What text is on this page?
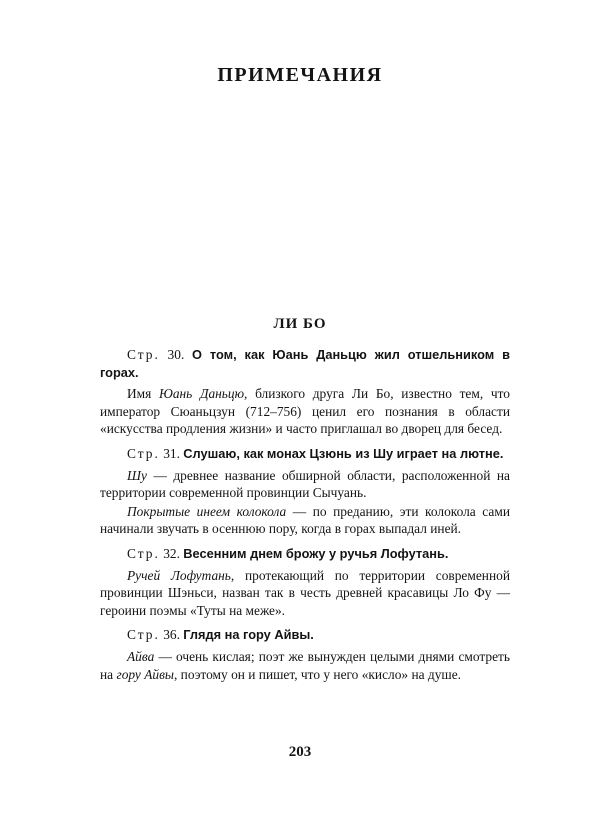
ПРИМЕЧАНИЯ
ЛИ БО
Стр. 30. О том, как Юань Даньцю жил отшельником в горах.
Имя Юань Даньцю, близкого друга Ли Бо, известно тем, что император Сюаньцзун (712–756) ценил его познания в области «искусства продления жизни» и часто приглашал во дворец для бесед.
Стр. 31. Слушаю, как монах Цзюнь из Шу играет на лютне.
Шу — древнее название обширной области, расположенной на территории современной провинции Сычуань.
Покрытые инеем колокола — по преданию, эти колокола сами начинали звучать в осеннюю пору, когда в горах выпадал иней.
Стр. 32. Весенним днем брожу у ручья Лофутань.
Ручей Лофутань, протекающий по территории современной провинции Шэньси, назван так в честь древней красавицы Ло Фу — героини поэмы «Туты на меже».
Стр. 36. Глядя на гору Айвы.
Айва — очень кислая; поэт же вынужден целыми днями смотреть на гору Айвы, поэтому он и пишет, что у него «кисло» на душе.
203
